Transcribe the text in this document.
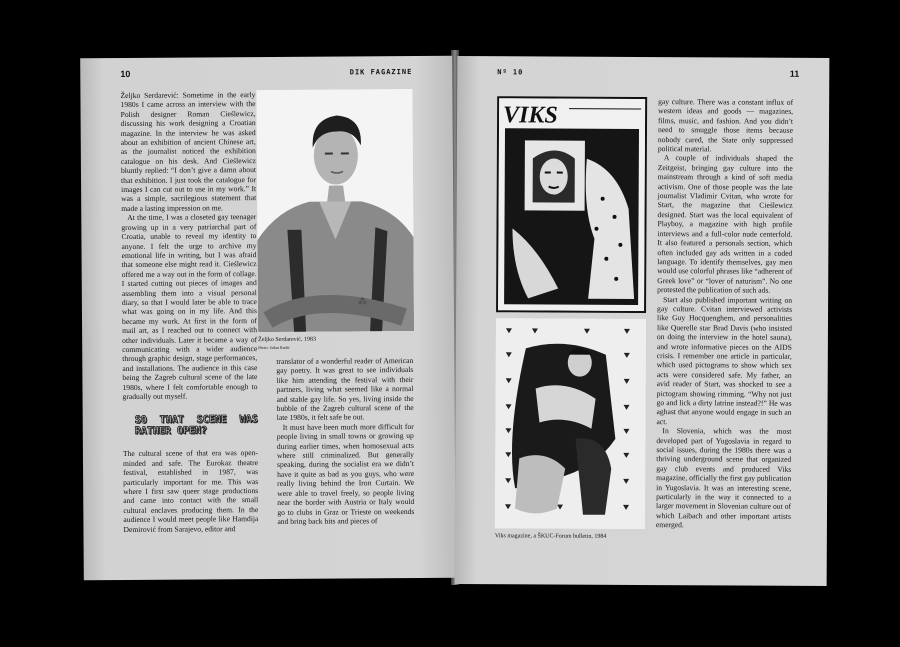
10	DIK FAGAZINE

Željko Serdarević: Sometime in the early 1980s I came across an interview with the Polish designer Roman Cieślewicz, discussing his work designing a Croatian magazine. In the interview he was asked about an exhibition of ancient Chinese art, as the journalist noticed the exhibition catalogue on his desk. And Cieślewicz bluntly replied: “I don’t give a damn about that exhibition. I just took the catalogue for images I can cut out to use in my work.” It was a simple, sacrilegious statement that made a lasting impression on me.

At the time, I was a closeted gay teenager growing up in a very patriarchal part of Croatia, unable to reveal my identity to anyone. I felt the urge to archive my emotional life in writing, but I was afraid that someone else might read it. Cieślewicz offered me a way out in the form of collage. I started cutting out pieces of images and assembling them into a visual personal diary, so that I would later be able to trace what was going on in my life. And this became my work. At first in the form of mail art, as I reached out to connect with other individuals. Later it became a way of communicating with a wider audience through graphic design, stage performances, and installations. The audience in this case being the Zagreb cultural scene of the late 1980s, where I felt comfortable enough to gradually out myself.

SO THAT SCENE WAS RATHER OPEN?

The cultural scene of that era was open-minded and safe. The Eurokaz theatre festival, established in 1987, was particularly important for me. This was where I first saw queer stage productions and came into contact with the small cultural enclaves producing them. In the audience I would meet people like Hamdija Demirović from Sarajevo, editor and

⁂
Željko Serdarević, 1983
Photo: Srđan Rudić

translator of a wonderful reader of American gay poetry. It was great to see individuals like him attending the festival with their partners, living what seemed like a normal and stable gay life. So yes, living inside the bubble of the Zagreb cultural scene of the late 1980s, it felt safe be out.

It must have been much more difficult for people living in small towns or growing up during earlier times, when homosexual acts where still criminalized. But generally speaking, during the socialist era we didn’t have it quite as bad as you guys, who were really living behind the Iron Curtain. We were able to travel freely, so people living near the border with Austria or Italy would go to clubs in Graz or Trieste on weekends and bring back bits and pieces of

Nº 10	11
VIKS
Viks magazine, a ŠKUC-Forum bulletin, 1984

gay culture. There was a constant influx of western ideas and goods — magazines, films, music, and fashion. And you didn’t need to smuggle those items because nobody cared, the State only suppressed political material.

A couple of individuals shaped the Zeitgeist, bringing gay culture into the mainstream through a kind of soft media activism. One of those people was the late journalist Vladimir Cvitan, who wrote for Start, the magazine that Cieślewicz designed. Start was the local equivalent of Playboy, a magazine with high profile interviews and a full-color nude centerfold. It also featured a personals section, which often included gay ads written in a coded language. To identify themselves, gay men would use colorful phrases like “adherent of Greek love” or “lover of naturism”. No one protested the publication of such ads.

Start also published important writing on gay culture. Cvitan interviewed activists like Guy Hocquenghem, and personalities like Querelle star Brad Davis (who insisted on doing the interview in the hotel sauna), and wrote informative pieces on the AIDS crisis. I remember one article in particular, which used pictograms to show which sex acts were considered safe. My father, an avid reader of Start, was shocked to see a pictogram showing rimming. “Why not just go and lick a dirty latrine instead?!” He was aghast that anyone would engage in such an act.

In Slovenia, which was the most developed part of Yugoslavia in regard to social issues, during the 1980s there was a thriving underground scene that organized gay club events and produced Viks magazine, officially the first gay publication in Yugoslavia. It was an interesting scene, particularly in the way it connected to a larger movement in Slovenian culture out of which Laibach and other important artists emerged.
